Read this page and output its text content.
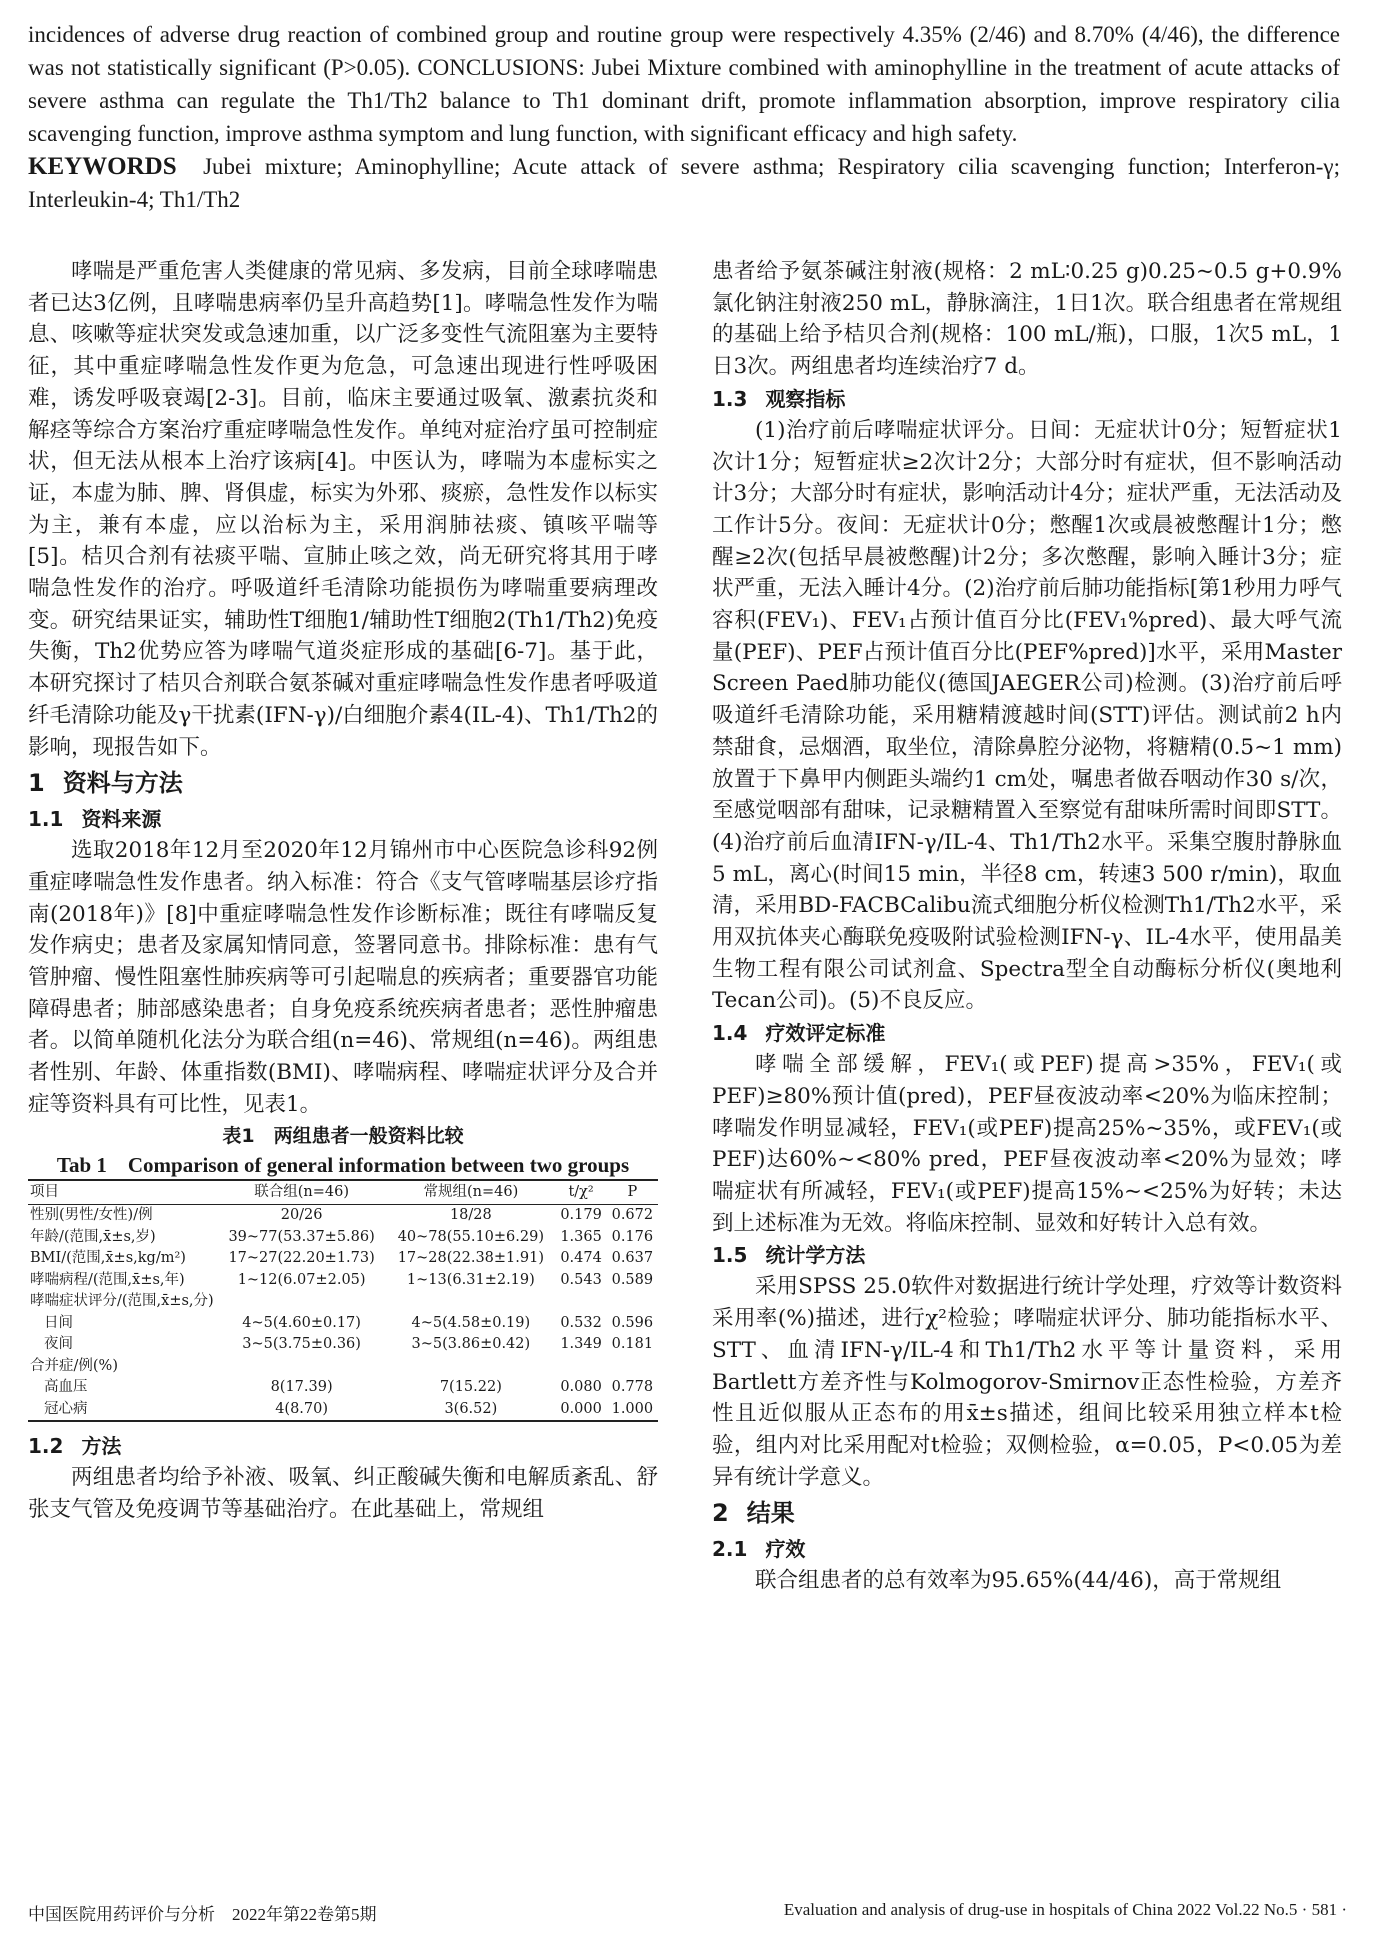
incidences of adverse drug reaction of combined group and routine group were respectively 4.35% (2/46) and 8.70% (4/46), the difference was not statistically significant (P>0.05). CONCLUSIONS: Jubei Mixture combined with aminophylline in the treatment of acute attacks of severe asthma can regulate the Th1/Th2 balance to Th1 dominant drift, promote inflammation absorption, improve respiratory cilia scavenging function, improve asthma symptom and lung function, with significant efficacy and high safety.

KEYWORDS Jubei mixture; Aminophylline; Acute attack of severe asthma; Respiratory cilia scavenging function; Interferon-γ; Interleukin-4; Th1/Th2

哮喘是严重危害人类健康的常见病、多发病，目前全球哮喘患者已达3亿例，且哮喘患病率仍呈升高趋势[1]。哮喘急性发作为喘息、咳嗽等症状突发或急速加重，以广泛多变性气流阻塞为主要特征，其中重症哮喘急性发作更为危急，可急速出现进行性呼吸困难，诱发呼吸衰竭[2-3]。目前，临床主要通过吸氧、激素抗炎和解痉等综合方案治疗重症哮喘急性发作。单纯对症治疗虽可控制症状，但无法从根本上治疗该病[4]。中医认为，哮喘为本虚标实之证，本虚为肺、脾、肾俱虚，标实为外邪、痰瘀，急性发作以标实为主，兼有本虚，应以治标为主，采用润肺祛痰、镇咳平喘等[5]。桔贝合剂有祛痰平喘、宣肺止咳之效，尚无研究将其用于哮喘急性发作的治疗。呼吸道纤毛清除功能损伤为哮喘重要病理改变。研究结果证实，辅助性T细胞1/辅助性T细胞2(Th1/Th2)免疫失衡，Th2优势应答为哮喘气道炎症形成的基础[6-7]。基于此，本研究探讨了桔贝合剂联合氨茶碱对重症哮喘急性发作患者呼吸道纤毛清除功能及γ干扰素(IFN-γ)/白细胞介素4(IL-4)、Th1/Th2的影响，现报告如下。

1 资料与方法
1.1 资料来源

选取2018年12月至2020年12月锦州市中心医院急诊科92例重症哮喘急性发作患者。纳入标准：符合《支气管哮喘基层诊疗指南(2018年)》[8]中重症哮喘急性发作诊断标准；既往有哮喘反复发作病史；患者及家属知情同意，签署同意书。排除标准：患有气管肿瘤、慢性阻塞性肺疾病等可引起喘息的疾病者；重要器官功能障碍患者；肺部感染患者；自身免疫系统疾病者患者；恶性肿瘤患者。以简单随机化法分为联合组(n=46)、常规组(n=46)。两组患者性别、年龄、体重指数(BMI)、哮喘病程、哮喘症状评分及合并症等资料具有可比性，见表1。

表1　两组患者一般资料比较
Tab 1　Comparison of general information between two groups
项目	联合组(n=46)	常规组(n=46)	t/χ²	P
性别(男性/女性)/例	20/26	18/28	0.179	0.672
年龄/(范围,x̄±s,岁)	39~77(53.37±5.86)	40~78(55.10±6.29)	1.365	0.176
BMI/(范围,x̄±s,kg/m²)	17~27(22.20±1.73)	17~28(22.38±1.91)	0.474	0.637
哮喘病程/(范围,x̄±s,年)	1~12(6.07±2.05)	1~13(6.31±2.19)	0.543	0.589
哮喘症状评分/(范围,x̄±s,分)				
日间	4~5(4.60±0.17)	4~5(4.58±0.19)	0.532	0.596
夜间	3~5(3.75±0.36)	3~5(3.86±0.42)	1.349	0.181
合并症/例(%)				
高血压	8(17.39)	7(15.22)	0.080	0.778
冠心病	4(8.70)	3(6.52)	0.000	1.000
1.2 方法

两组患者均给予补液、吸氧、纠正酸碱失衡和电解质紊乱、舒张支气管及免疫调节等基础治疗。在此基础上，常规组

患者给予氨茶碱注射液(规格：2 mL∶0.25 g)0.25~0.5 g+0.9%氯化钠注射液250 mL，静脉滴注，1日1次。联合组患者在常规组的基础上给予桔贝合剂(规格：100 mL/瓶)，口服，1次5 mL，1日3次。两组患者均连续治疗7 d。

1.3 观察指标

(1)治疗前后哮喘症状评分。日间：无症状计0分；短暂症状1次计1分；短暂症状≥2次计2分；大部分时有症状，但不影响活动计3分；大部分时有症状，影响活动计4分；症状严重，无法活动及工作计5分。夜间：无症状计0分；憋醒1次或晨被憋醒计1分；憋醒≥2次(包括早晨被憋醒)计2分；多次憋醒，影响入睡计3分；症状严重，无法入睡计4分。(2)治疗前后肺功能指标[第1秒用力呼气容积(FEV₁)、FEV₁占预计值百分比(FEV₁%pred)、最大呼气流量(PEF)、PEF占预计值百分比(PEF%pred)]水平，采用Master Screen Paed肺功能仪(德国JAEGER公司)检测。(3)治疗前后呼吸道纤毛清除功能，采用糖精渡越时间(STT)评估。测试前2 h内禁甜食，忌烟酒，取坐位，清除鼻腔分泌物，将糖精(0.5~1 mm)放置于下鼻甲内侧距头端约1 cm处，嘱患者做吞咽动作30 s/次，至感觉咽部有甜味，记录糖精置入至察觉有甜味所需时间即STT。(4)治疗前后血清IFN-γ/IL-4、Th1/Th2水平。采集空腹肘静脉血5 mL，离心(时间15 min，半径8 cm，转速3 500 r/min)，取血清，采用BD-FACBCalibu流式细胞分析仪检测Th1/Th2水平，采用双抗体夹心酶联免疫吸附试验检测IFN-γ、IL-4水平，使用晶美生物工程有限公司试剂盒、Spectra型全自动酶标分析仪(奥地利Tecan公司)。(5)不良反应。

1.4 疗效评定标准

哮喘全部缓解，FEV₁(或PEF)提高>35%，FEV₁(或PEF)≥80%预计值(pred)，PEF昼夜波动率<20%为临床控制；哮喘发作明显减轻，FEV₁(或PEF)提高25%~35%，或FEV₁(或PEF)达60%~<80% pred，PEF昼夜波动率<20%为显效；哮喘症状有所减轻，FEV₁(或PEF)提高15%~<25%为好转；未达到上述标准为无效。将临床控制、显效和好转计入总有效。

1.5 统计学方法

采用SPSS 25.0软件对数据进行统计学处理，疗效等计数资料采用率(%)描述，进行χ²检验；哮喘症状评分、肺功能指标水平、STT、血清IFN-γ/IL-4和Th1/Th2水平等计量资料，采用Bartlett方差齐性与Kolmogorov-Smirnov正态性检验，方差齐性且近似服从正态布的用x̄±s描述，组间比较采用独立样本t检验，组内对比采用配对t检验；双侧检验，α=0.05，P<0.05为差异有统计学意义。

2 结果
2.1 疗效

联合组患者的总有效率为95.65%(44/46)，高于常规组

中国医院用药评价与分析　2022年第22卷第5期	Evaluation and analysis of drug-use in hospitals of China 2022 Vol.22 No.5 · 581 ·
